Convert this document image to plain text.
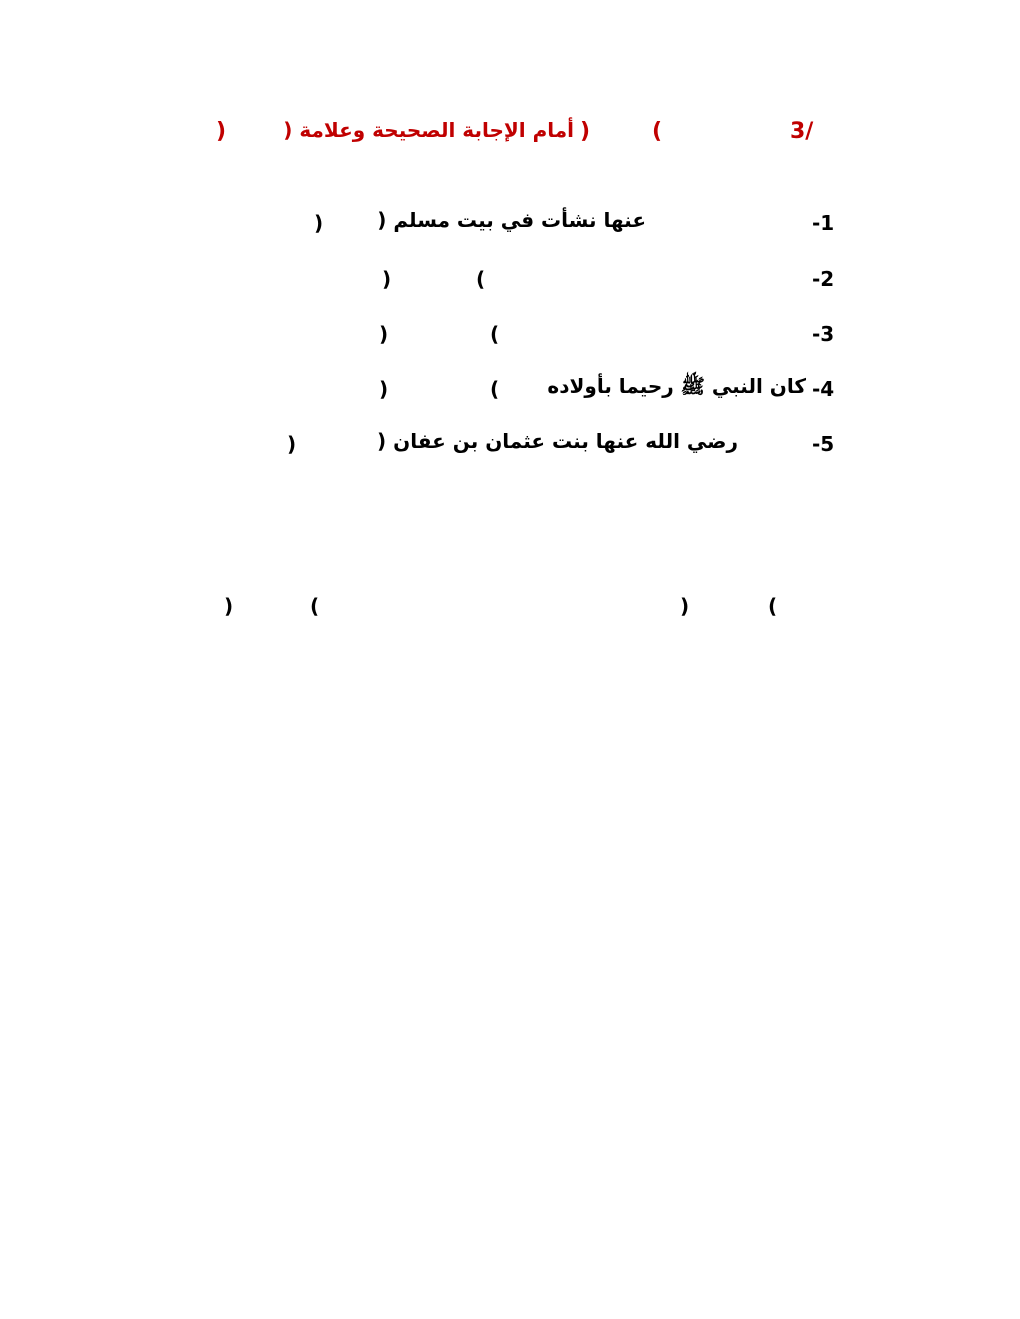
3/
(
)
أمام الإجابة الصحيحة وعلامة (
)
-1
عنها نشأت في بيت مسلم (
)
-2
(
)
-3
(
)
-4
كان النبي ﷺ رحيما بأولاده
(
)
-5
رضي الله عنها بنت عثمان بن عفان (
)
(
)
(
)
